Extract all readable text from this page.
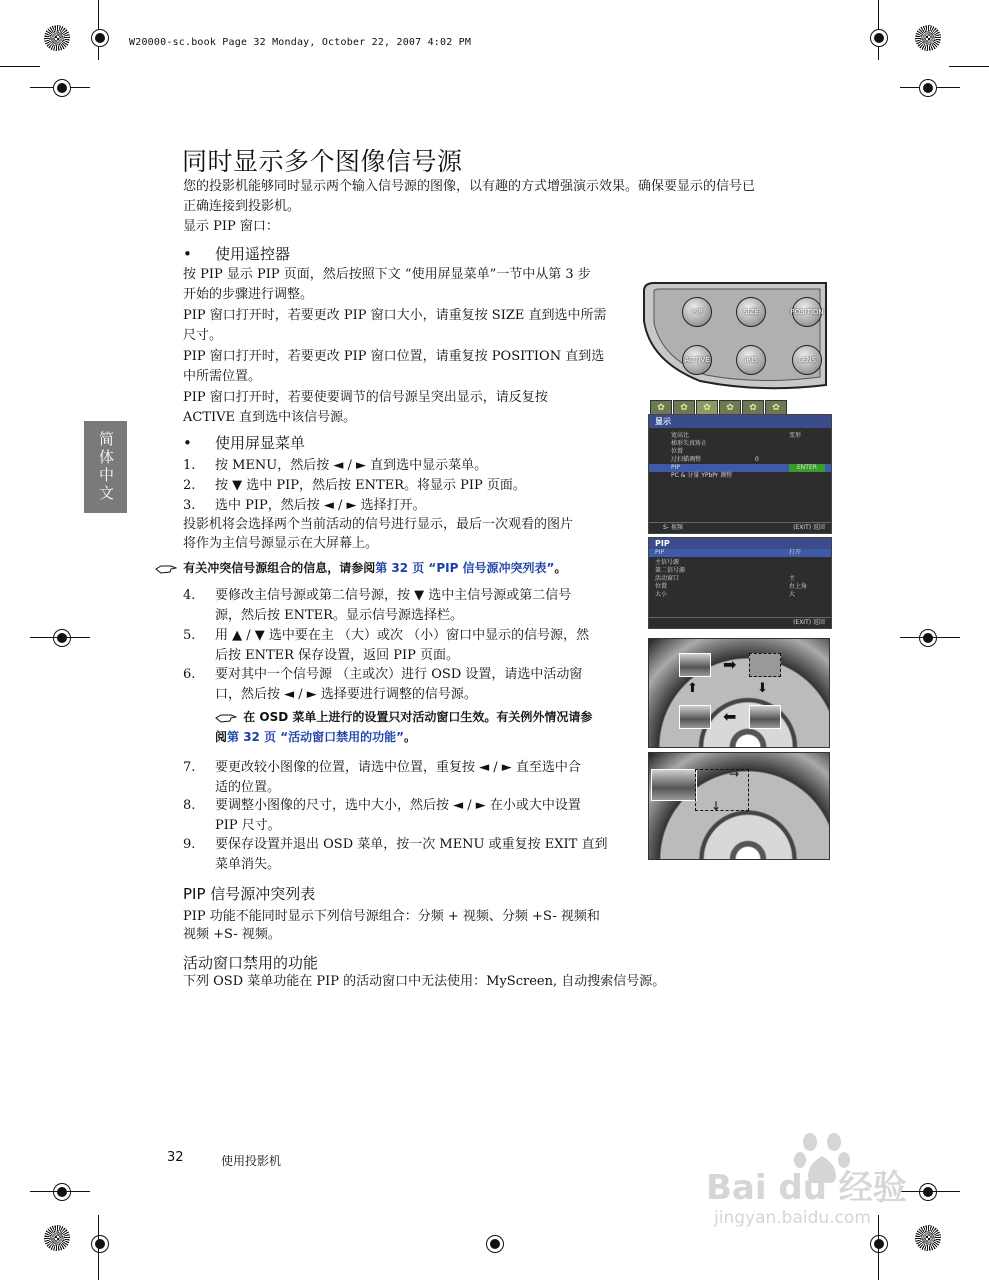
W20000-sc.book Page 32 Monday, October 22, 2007 4:02 PM
简体中文
同时显示多个图像信号源

您的投影机能够同时显示两个输入信号源的图像，以有趣的方式增强演示效果。确保要显示的信号已

正确连接到投影机。

显示 PIP 窗口：

• 使用遥控器

按 PIP 显示 PIP 页面，然后按照下文 “使用屏显菜单”一节中从第 3 步

开始的步骤进行调整。

PIP 窗口打开时，若要更改 PIP 窗口大小，请重复按 SIZE 直到选中所需

尺寸。

PIP 窗口打开时，若要更改 PIP 窗口位置，请重复按 POSITION 直到选

中所需位置。

PIP 窗口打开时，若要使要调节的信号源呈突出显示，请反复按

ACTIVE 直到选中该信号源。

• 使用屏显菜单
1. 按 MENU，然后按 ◄ / ► 直到选中显示菜单。
2. 按 ▼ 选中 PIP，然后按 ENTER。将显示 PIP 页面。
3. 选中 PIP，然后按 ◄ / ► 选择打开。

投影机将会选择两个当前活动的信号进行显示，最后一次观看的图片

将作为主信号源显示在大屏幕上。

有关冲突信号源组合的信息，请参阅第 32 页 “PIP 信号源冲突列表”。
4. 要修改主信号源或第二信号源，按 ▼ 选中主信号源或第二信号
源，然后按 ENTER。显示信号源选择栏。
5. 用 ▲ / ▼ 选中要在主 （大）或次 （小）窗口中显示的信号源，然
后按 ENTER 保存设置，返回 PIP 页面。
6. 要对其中一个信号源 （主或次）进行 OSD 设置，请选中活动窗
口，然后按 ◄ / ► 选择要进行调整的信号源。
在 OSD 菜单上进行的设置只对活动窗口生效。有关例外情况请参
阅第 32 页 “活动窗口禁用的功能”。
7. 要更改较小图像的位置，请选中位置，重复按 ◄ / ► 直至选中合
适的位置。
8. 要调整小图像的尺寸，选中大小，然后按 ◄ / ► 在小或大中设置
PIP 尺寸。
9. 要保存设置并退出 OSD 菜单，按一次 MENU 或重复按 EXIT 直到
菜单消失。
PIP 信号源冲突列表

PIP 功能不能同时显示下列信号源组合：分频 + 视频、分频 +S- 视频和

视频 +S- 视频。

活动窗口禁用的功能

下列 OSD 菜单功能在 PIP 的活动窗口中无法使用：MyScreen, 自动搜索信号源。

PIP	SIZE	POSITION
ACTIVE	IRIS	LENS
✿	✿	✿	✿	✿	✿
显示
宽高比	变形
梯形失真矫正
位置
过扫描调整	0
PIP	ENTER
PC & 分量 YPbPr 调整
S- 视频	(EXIT) 返回
PIP
PIP	打开
主信号源
第二信号源
活动窗口	主
位置	右上角
大小	大
(EXIT) 返回
➡
⬅
⬆	⬇
→
↓
32	使用投影机
Bai du 经验
jingyan.baidu.com
